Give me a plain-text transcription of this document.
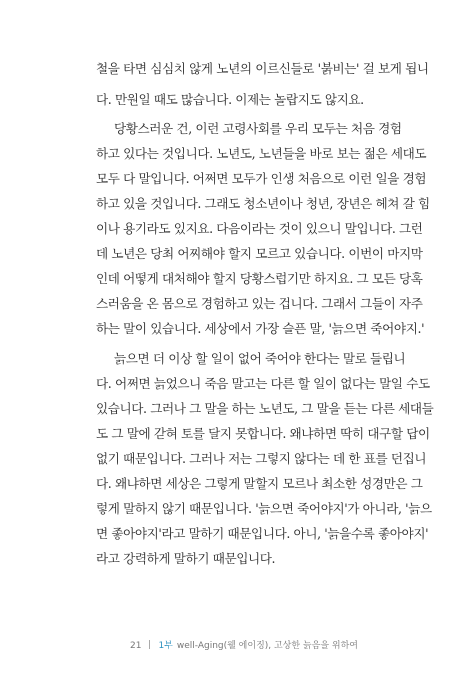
철을 타면 심심치 않게 노년의 이르신들로 '붉비는' 걸 보게 됩니
다. 만원일 때도 많습니다. 이제는 놀랍지도 않지요.
당황스러운 건, 이런 고령사회를 우리 모두는 처음 경험
하고 있다는 것입니다. 노년도, 노년들을 바로 보는 젊은 세대도
모두 다 말입니다. 어쩌면 모두가 인생 처음으로 이런 일을 경험
하고 있을 것입니다. 그래도 청소년이나 청년, 장년은 헤쳐 갈 힘
이나 용기라도 있지요. 다음이라는 것이 있으니 말입니다. 그런
데 노년은 당최 어찌해야 할지 모르고 있습니다. 이번이 마지막
인데 어떻게 대처해야 할지 당황스럽기만 하지요. 그 모든 당혹
스러움을 온 몸으로 경험하고 있는 겁니다. 그래서 그들이 자주
하는 말이 있습니다. 세상에서 가장 슬픈 말, '늙으면 죽어야지.'
늙으면 더 이상 할 일이 없어 죽어야 한다는 말로 들립니
다. 어쩌면 늙었으니 죽음 말고는 다른 할 일이 없다는 말일 수도
있습니다. 그러나 그 말을 하는 노년도, 그 말을 듣는 다른 세대들
도 그 말에 갇혀 토를 달지 못합니다. 왜냐하면 딱히 대구할 답이
없기 때문입니다. 그러나 저는 그렇지 않다는 데 한 표를 던집니
다. 왜냐하면 세상은 그렇게 말할지 모르나 최소한 성경만은 그
렇게 말하지 않기 때문입니다. '늙으면 죽어야지'가 아니라, '늙으
면 좋아야지'라고 말하기 때문입니다. 아니, '늙을수록 좋아야지'
라고 강력하게 말하기 때문입니다.
21 1부 well-Aging(웰 에이징), 고상한 늙음을 위하여
